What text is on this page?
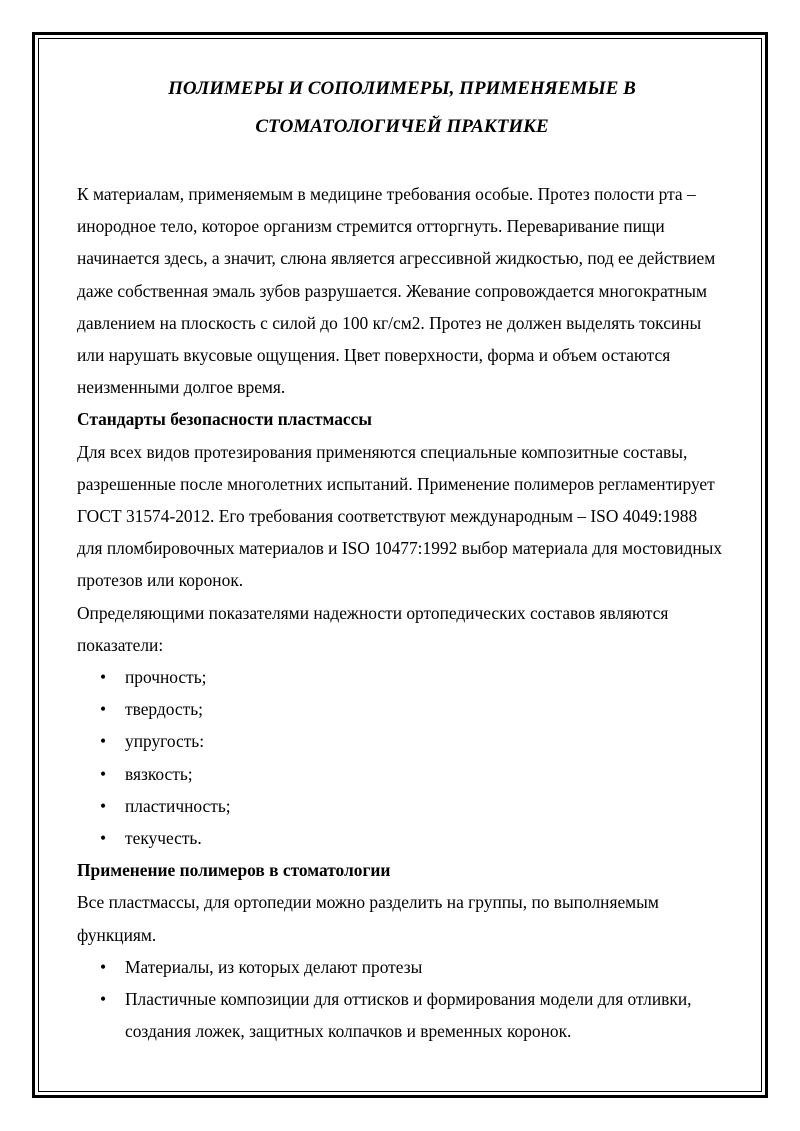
ПОЛИМЕРЫ И СОПОЛИМЕРЫ, ПРИМЕНЯЕМЫЕ В
СТОМАТОЛОГИЧЕЙ ПРАКТИКЕ

К материалам, применяемым в медицине требования особые. Протез полости рта – инородное тело, которое организм стремится отторгнуть. Переваривание пищи начинается здесь, а значит, слюна является агрессивной жидкостью, под ее действием даже собственная эмаль зубов разрушается. Жевание сопровождается многократным давлением на плоскость с силой до 100 кг/см2. Протез не должен выделять токсины или нарушать вкусовые ощущения. Цвет поверхности, форма и объем остаются неизменными долгое время.

Стандарты безопасности пластмассы

Для всех видов протезирования применяются специальные композитные составы, разрешенные после многолетних испытаний. Применение полимеров регламентирует ГОСТ 31574-2012. Его требования соответствуют международным – ISO 4049:1988 для пломбировочных материалов и ISO 10477:1992 выбор материала для мостовидных протезов или коронок.

Определяющими показателями надежности ортопедических составов являются показатели:

• прочность;
• твердость;
• упругость:
• вязкость;
• пластичность;
• текучесть.
Применение полимеров в стоматологии

Все пластмассы, для ортопедии можно разделить на группы, по выполняемым функциям.

• Материалы, из которых делают протезы
• Пластичные композиции для оттисков и формирования модели для отливки, создания ложек, защитных колпачков и временных коронок.
